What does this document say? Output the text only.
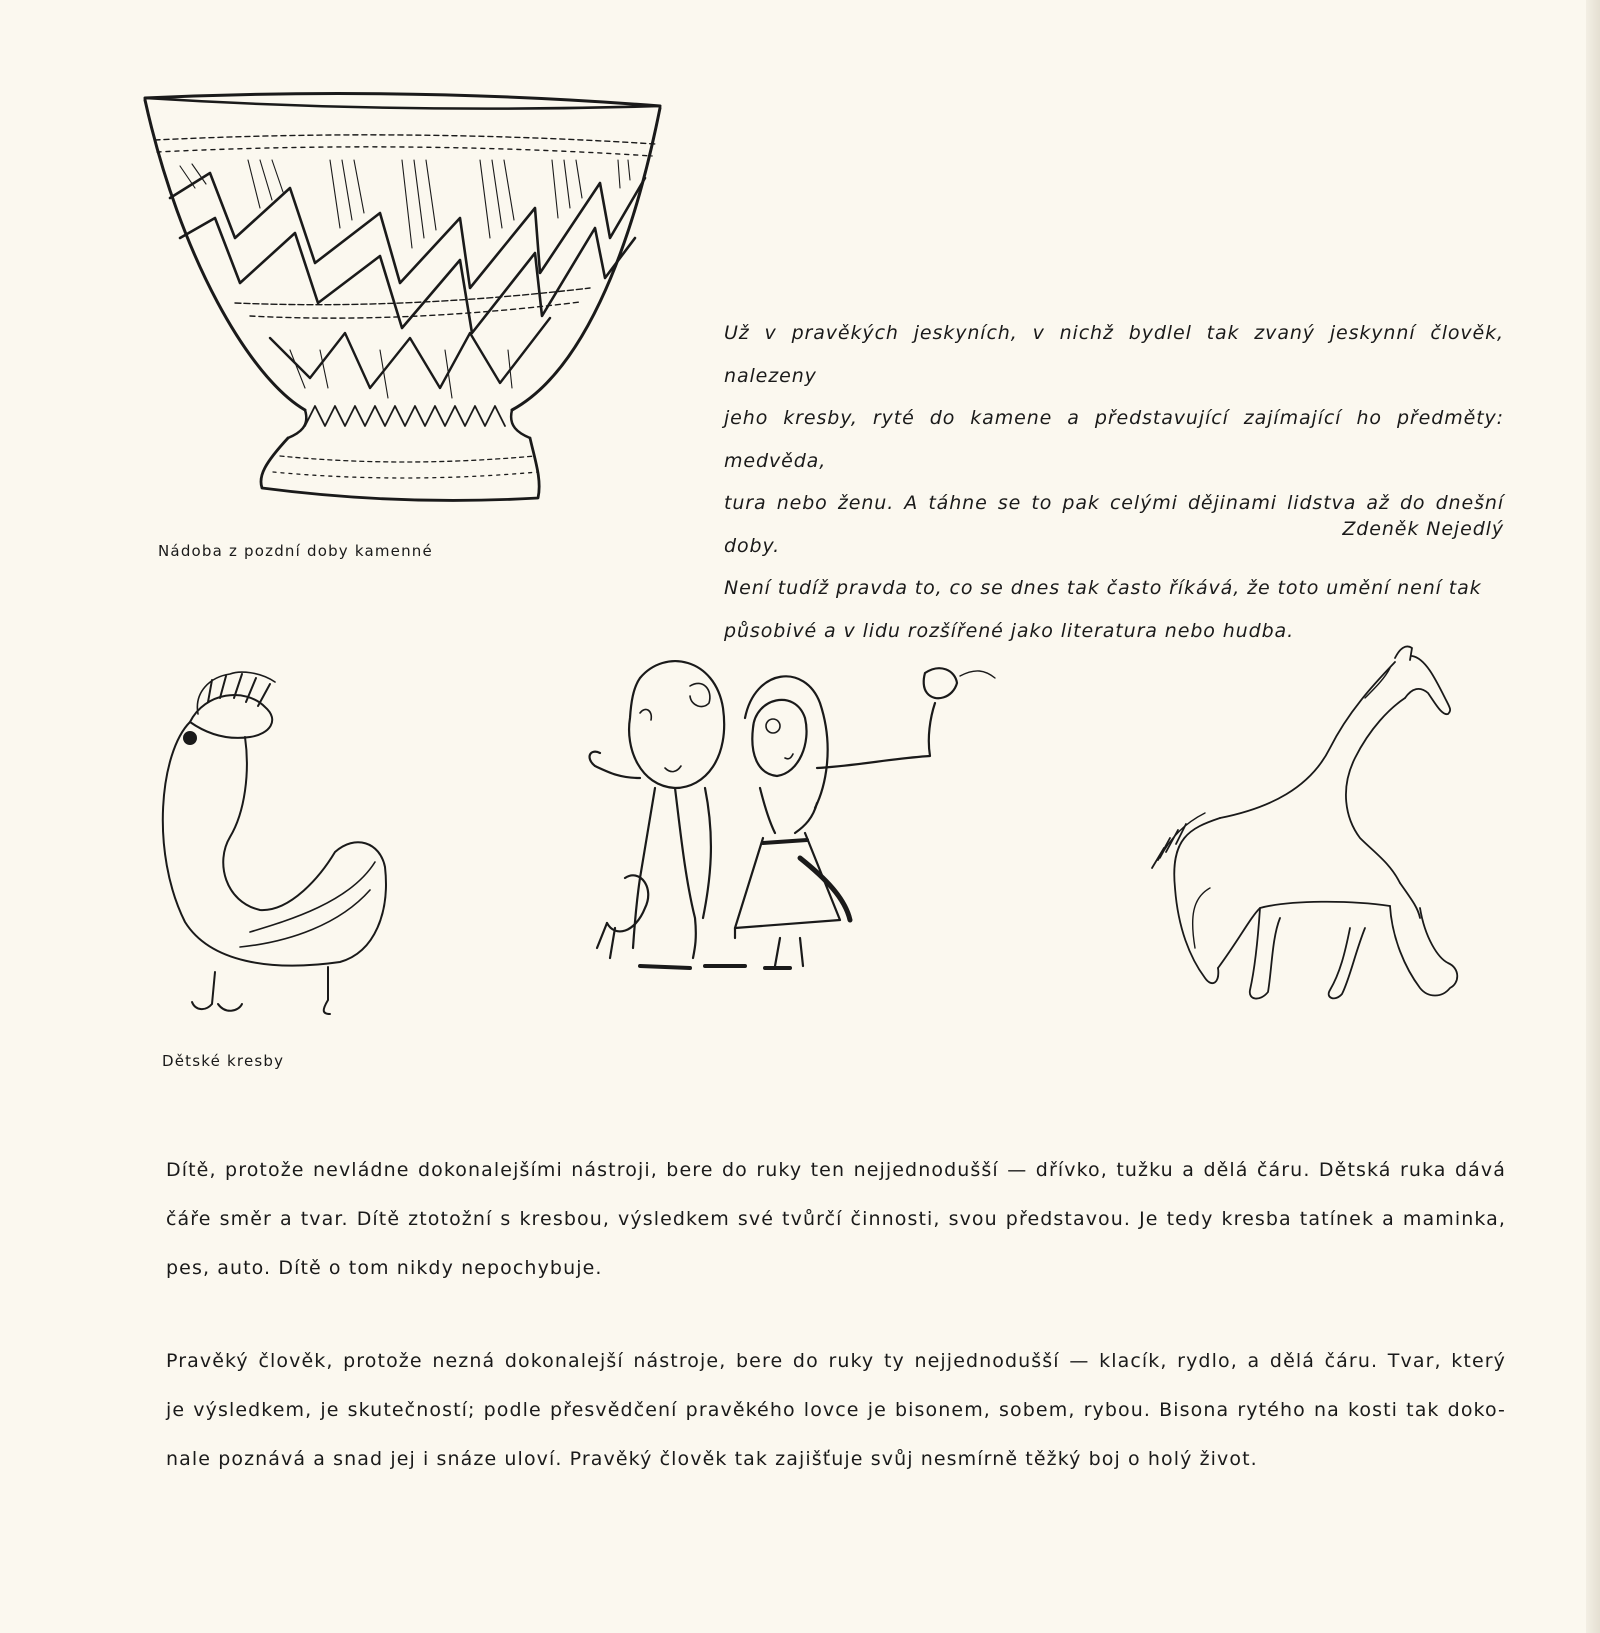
Nádoba z pozdní doby kamenné

Už v pravěkých jeskyních, v nichž bydlel tak zvaný jeskynní člověk, nalezeny
jeho kresby, ryté do kamene a představující zajímající ho předměty: medvěda,
tura nebo ženu. A táhne se to pak celými dějinami lidstva až do dnešní doby.
Není tudíž pravda to, co se dnes tak často říkává, že toto umění není tak
působivé a v lidu rozšířené jako literatura nebo hudba.

Zdeněk Nejedlý
Dětské kresby
Dítě, protože nevládne dokonalejšími nástroji, bere do ruky ten nejjednodušší — dřívko, tužku a dělá čáru. Dětská ruka dává
čáře směr a tvar. Dítě ztotožní s kresbou, výsledkem své tvůrčí činnosti, svou představou. Je tedy kresba tatínek a maminka,
pes, auto. Dítě o tom nikdy nepochybuje.
Pravěký člověk, protože nezná dokonalejší nástroje, bere do ruky ty nejjednodušší — klacík, rydlo, a dělá čáru. Tvar, který
je výsledkem, je skutečností; podle přesvědčení pravěkého lovce je bisonem, sobem, rybou. Bisona rytého na kosti tak doko-
nale poznává a snad jej i snáze uloví. Pravěký člověk tak zajišťuje svůj nesmírně těžký boj o holý život.
